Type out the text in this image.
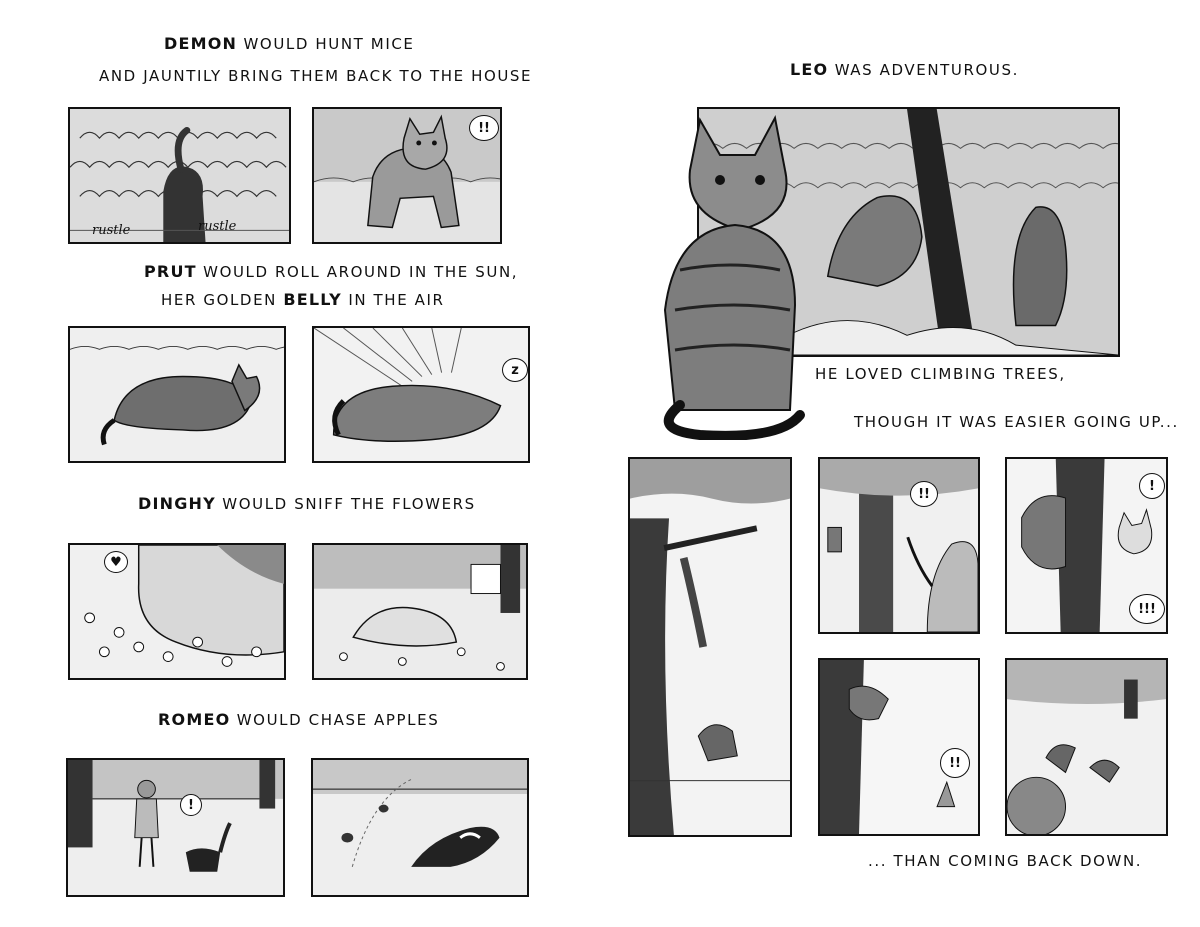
DEMON WOULD HUNT MICE

AND JAUNTILY BRING THEM BACK TO THE HOUSE

rustle	rustle
!!

PRUT WOULD ROLL AROUND IN THE SUN,

HER GOLDEN BELLY IN THE AIR

z

DINGHY WOULD SNIFF THE FLOWERS

♥

ROMEO WOULD CHASE APPLES

!

LEO WAS ADVENTUROUS.

HE LOVED CLIMBING TREES,

THOUGH IT WAS EASIER GOING UP...

!!
!
!!!
!!

... THAN COMING BACK DOWN.
